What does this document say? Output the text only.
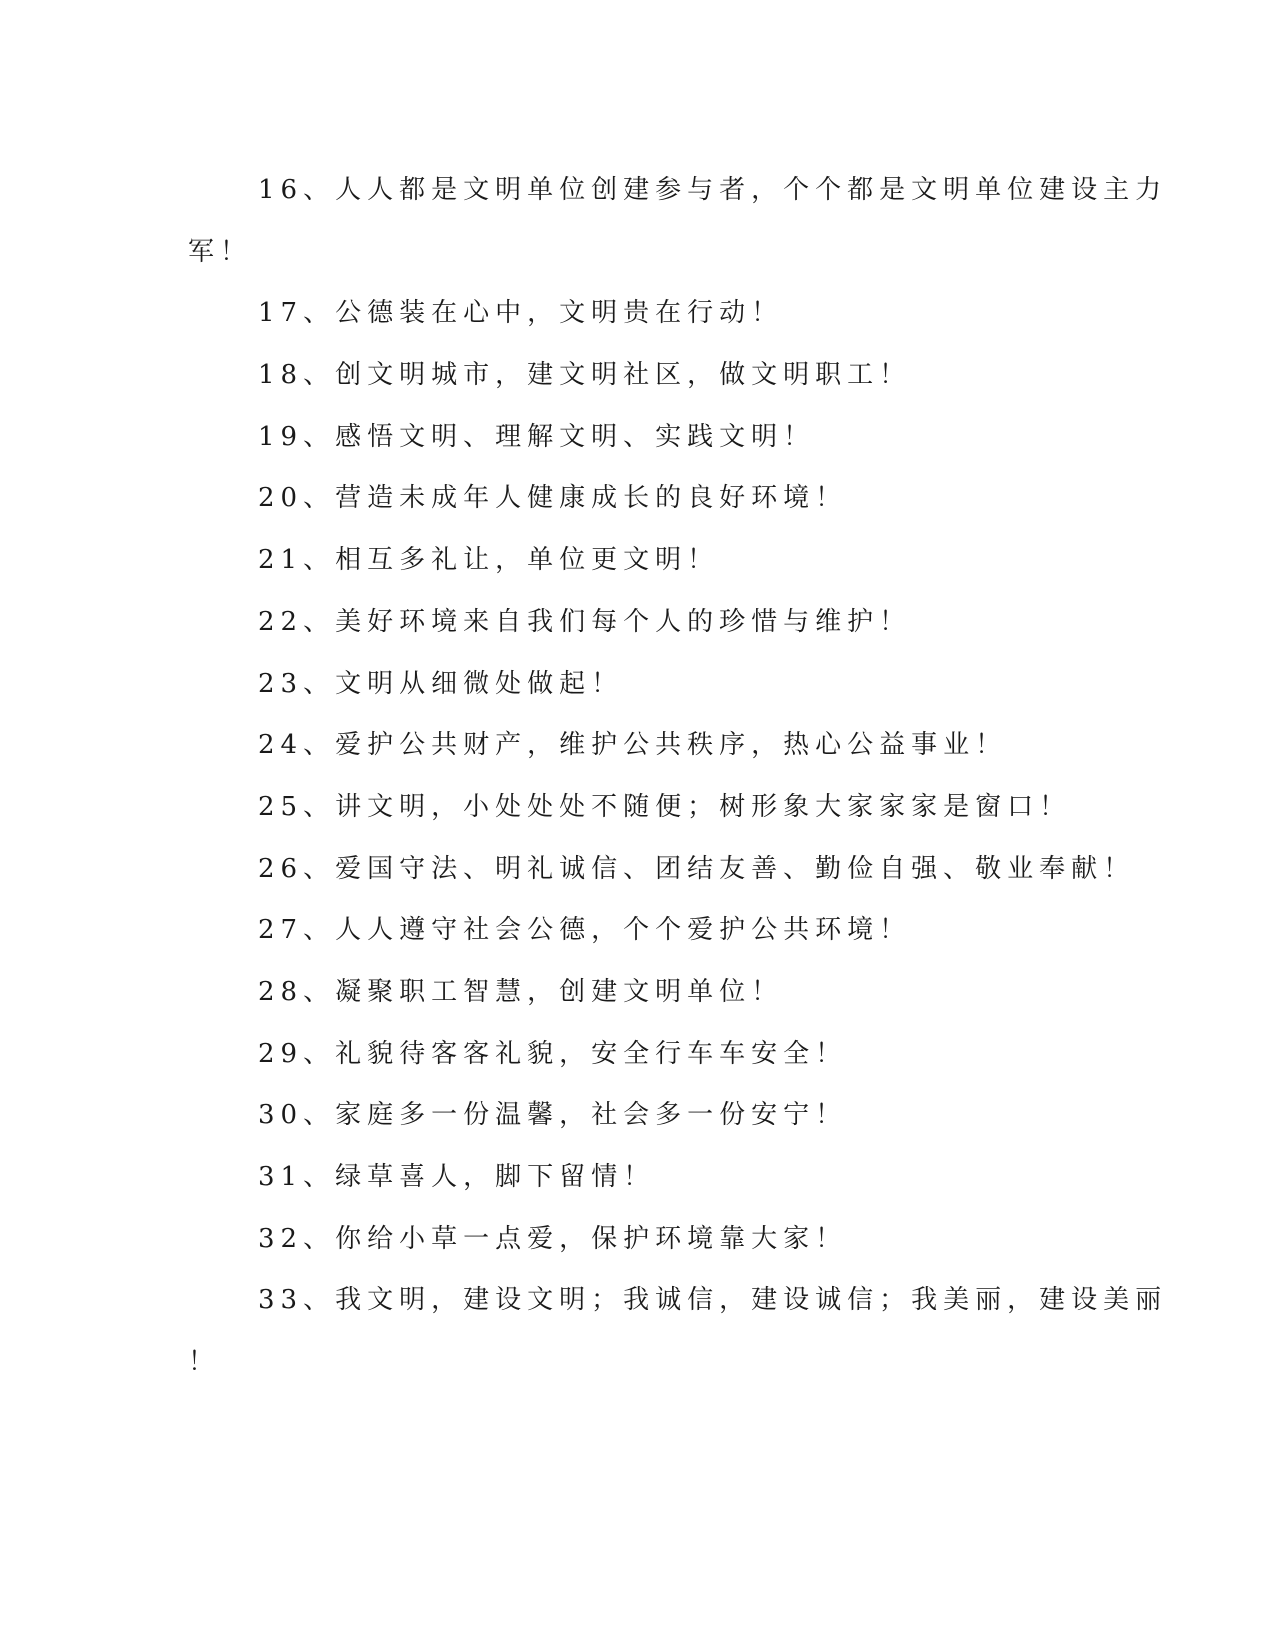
16、人人都是文明单位创建参与者，个个都是文明单位建设主力

军！

17、公德装在心中，文明贵在行动！

18、创文明城市，建文明社区，做文明职工！

19、感悟文明、理解文明、实践文明！

20、营造未成年人健康成长的良好环境！

21、相互多礼让，单位更文明！

22、美好环境来自我们每个人的珍惜与维护！

23、文明从细微处做起！

24、爱护公共财产，维护公共秩序，热心公益事业！

25、讲文明，小处处处不随便；树形象大家家家是窗口！

26、爱国守法、明礼诚信、团结友善、勤俭自强、敬业奉献！

27、人人遵守社会公德，个个爱护公共环境！

28、凝聚职工智慧，创建文明单位！

29、礼貌待客客礼貌，安全行车车安全！

30、家庭多一份温馨，社会多一份安宁！

31、绿草喜人，脚下留情！

32、你给小草一点爱，保护环境靠大家！

33、我文明，建设文明；我诚信，建设诚信；我美丽，建设美丽

！
